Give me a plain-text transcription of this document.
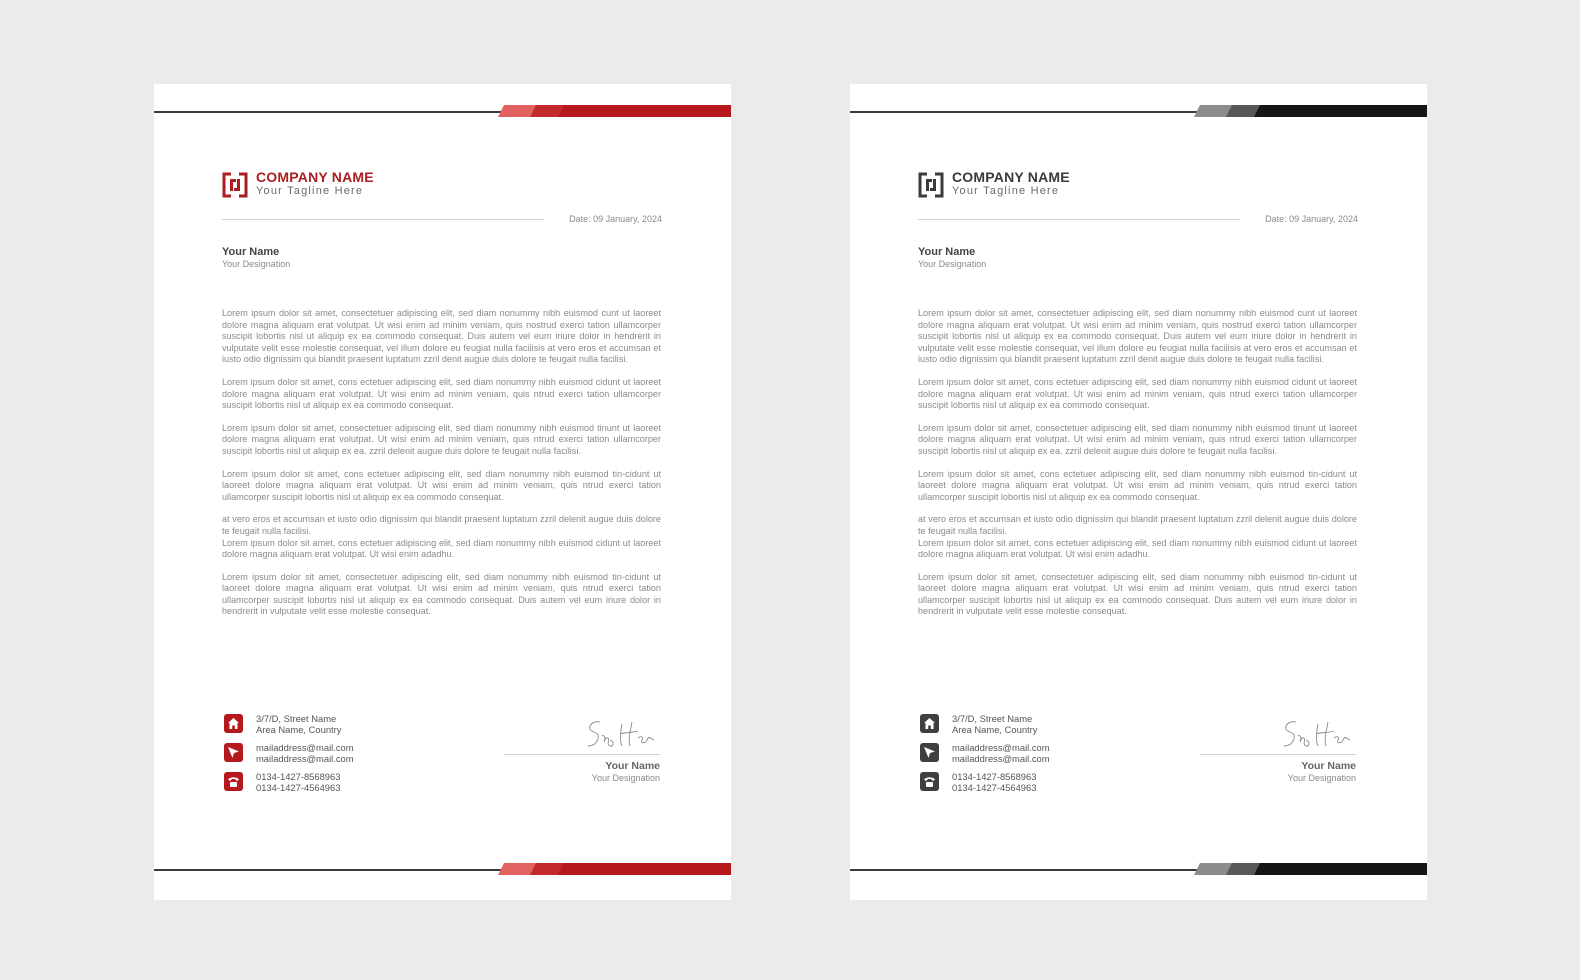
COMPANY NAME
Your Tagline Here
Date: 09 January, 2024
Your Name
Your Designation

Lorem ipsum dolor sit amet, consectetuer adipiscing elit, sed diam nonummy nibh euismod cunt ut laoreet dolore magna aliquam erat volutpat. Ut wisi enim ad minim veniam, quis nostrud exerci tation ullamcorper suscipit lobortis nisl ut aliquip ex ea commodo consequat. Duis autem vel eum iriure dolor in hendrerit in vulputate velit esse molestie consequat, vel illum dolore eu feugiat nulla facilisis at vero eros et accumsan et iusto odio dignissim qui blandit praesent luptatum zzril denit augue duis dolore te feugait nulla facilisi.

Lorem ipsum dolor sit amet, cons ectetuer adipiscing elit, sed diam nonummy nibh euismod cidunt ut laoreet dolore magna aliquam erat volutpat. Ut wisi enim ad minim veniam, quis ntrud exerci tation ullamcorper suscipit lobortis nisl ut aliquip ex ea commodo consequat.

Lorem ipsum dolor sit amet, consectetuer adipiscing elit, sed diam nonummy nibh euismod tinunt ut laoreet dolore magna aliquam erat volutpat. Ut wisi enim ad minim veniam, quis ntrud exerci tation ullamcorper suscipit lobortis nisl ut aliquip ex ea. zzril delenit augue duis dolore te feugait nulla facilisi.

Lorem ipsum dolor sit amet, cons ectetuer adipiscing elit, sed diam nonummy nibh euismod tin-cidunt ut laoreet dolore magna aliquam erat volutpat. Ut wisi enim ad minim veniam, quis ntrud exerci tation ullamcorper suscipit lobortis nisl ut aliquip ex ea commodo consequat.

at vero eros et accumsan et iusto odio dignissim qui blandit praesent luptatum zzril delenit augue duis dolore te feugait nulla facilisi.
Lorem ipsum dolor sit amet, cons ectetuer adipiscing elit, sed diam nonummy nibh euismod cidunt ut laoreet dolore magna aliquam erat volutpat. Ut wisi enim adadhu.

Lorem ipsum dolor sit amet, consectetuer adipiscing elit, sed diam nonummy nibh euismod tin-cidunt ut laoreet dolore magna aliquam erat volutpat. Ut wisi enim ad minim veniam, quis ntrud exerci tation ullamcorper suscipit lobortis nisl ut aliquip ex ea commodo consequat. Duis autem vel eum iriure dolor in hendrerit in vulputate velit esse molestie consequat.

3/7/D, Street Name
Area Name, Country
mailaddress@mail.com
mailaddress@mail.com
0134-1427-8568963
0134-1427-4564963
Your Name
Your Designation
COMPANY NAME
Your Tagline Here
Date: 09 January, 2024
Your Name
Your Designation

Lorem ipsum dolor sit amet, consectetuer adipiscing elit, sed diam nonummy nibh euismod cunt ut laoreet dolore magna aliquam erat volutpat. Ut wisi enim ad minim veniam, quis nostrud exerci tation ullamcorper suscipit lobortis nisl ut aliquip ex ea commodo consequat. Duis autem vel eum iriure dolor in hendrerit in vulputate velit esse molestie consequat, vel illum dolore eu feugiat nulla facilisis at vero eros et accumsan et iusto odio dignissim qui blandit praesent luptatum zzril denit augue duis dolore te feugait nulla facilisi.

Lorem ipsum dolor sit amet, cons ectetuer adipiscing elit, sed diam nonummy nibh euismod cidunt ut laoreet dolore magna aliquam erat volutpat. Ut wisi enim ad minim veniam, quis ntrud exerci tation ullamcorper suscipit lobortis nisl ut aliquip ex ea commodo consequat.

Lorem ipsum dolor sit amet, consectetuer adipiscing elit, sed diam nonummy nibh euismod tinunt ut laoreet dolore magna aliquam erat volutpat. Ut wisi enim ad minim veniam, quis ntrud exerci tation ullamcorper suscipit lobortis nisl ut aliquip ex ea. zzril delenit augue duis dolore te feugait nulla facilisi.

Lorem ipsum dolor sit amet, cons ectetuer adipiscing elit, sed diam nonummy nibh euismod tin-cidunt ut laoreet dolore magna aliquam erat volutpat. Ut wisi enim ad minim veniam, quis ntrud exerci tation ullamcorper suscipit lobortis nisl ut aliquip ex ea commodo consequat.

at vero eros et accumsan et iusto odio dignissim qui blandit praesent luptatum zzril delenit augue duis dolore te feugait nulla facilisi.
Lorem ipsum dolor sit amet, cons ectetuer adipiscing elit, sed diam nonummy nibh euismod cidunt ut laoreet dolore magna aliquam erat volutpat. Ut wisi enim adadhu.

Lorem ipsum dolor sit amet, consectetuer adipiscing elit, sed diam nonummy nibh euismod tin-cidunt ut laoreet dolore magna aliquam erat volutpat. Ut wisi enim ad minim veniam, quis ntrud exerci tation ullamcorper suscipit lobortis nisl ut aliquip ex ea commodo consequat. Duis autem vel eum iriure dolor in hendrerit in vulputate velit esse molestie consequat.

3/7/D, Street Name
Area Name, Country
mailaddress@mail.com
mailaddress@mail.com
0134-1427-8568963
0134-1427-4564963
Your Name
Your Designation
